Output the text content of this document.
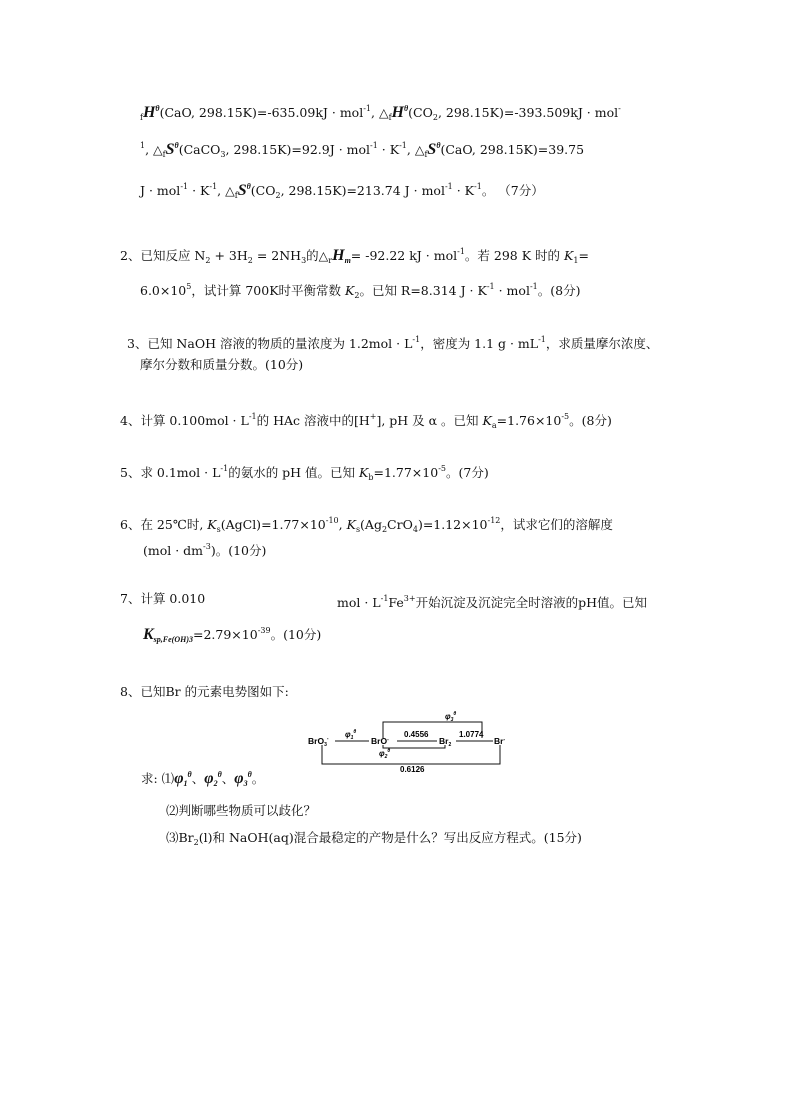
$_fH^\theta(CaO$, 298.15K)=-635.09kJ · mol$^{-1}$, $\triangle_fH^\theta(CO_2$, 298.15K)=-393.509kJ · mol-
$^1$, $\triangle_fS^\theta(CaCO_3$, $298.15K)=92.9J \cdot mol^{-1} \cdot K^{-1}$, $\triangle_fS^\theta(CaO$, 298.15K)=39.75
$J \cdot mol^{-1} \cdot K^{-1}$, $\triangle_fS^\theta(CO_2$, 298.15K)=213.74 $J \cdot mol^{-1} \cdot K^{-1}$。 （7分）
2、已知反应 $N_2 + 3H_2 = 2NH_3$的$\triangle_rH_m= -92.22$ kJ · mol$^{-1}$。若 298 K 时的 $K_1=$
$6.0\times 10^5$，试计算 700K时平衡常数 $K_2$。已知 R=8.314 $J \cdot K^{-1} \cdot mol^{-1}$。(8分)
3、已知 NaOH 溶液的物质的量浓度为 $1.2mol \cdot L^{-1}$，密度为 1.1 $g \cdot mL^{-1}$，求质量摩尔浓度、
摩尔分数和质量分数。(10分)
4、计算 $0.100mol \cdot L^{-1}$的 HAc 溶液中的[H+], pH 及 α 。已知 $K_a=1.76\times 10^{-5}$。(8分)
5、求 $0.1mol \cdot L^{-1}$的氨水的 pH 值。已知 $K_b=1.77\times 10^{-5}$。(7分)
6、在 25℃时, $K_s(AgCl)=1.77\times 10^{-10}$, $K_s(Ag_2CrO_4)=1.12\times 10^{-12}$，试求它们的溶解度
$(mol \cdot dm^{-3})$。(10分)
7、计算 0.010	mol · $L^{-1}Fe^{3+}$开始沉淀及沉淀完全时溶液的pH值。已知
$K_{sp,Fe(OH)3}=2.79\times 10^{-39}$。(10分)
8、已知Br 的元素电势图如下:
$\varphi_3^\theta$
BrO$_3$-	BrO-	$Br_2$	Br-
$\varphi_1^\theta$	0.4556	1.0774
$\varphi_2^\theta$
0.6126
求: $⑴\varphi_1^\theta$、$\varphi_2^\theta$、$\varphi_3^\theta$。
⑵判断哪些物质可以歧化？
$⑶Br_2(l)$和 NaOH(aq)混合最稳定的产物是什么？写出反应方程式。(15分)
